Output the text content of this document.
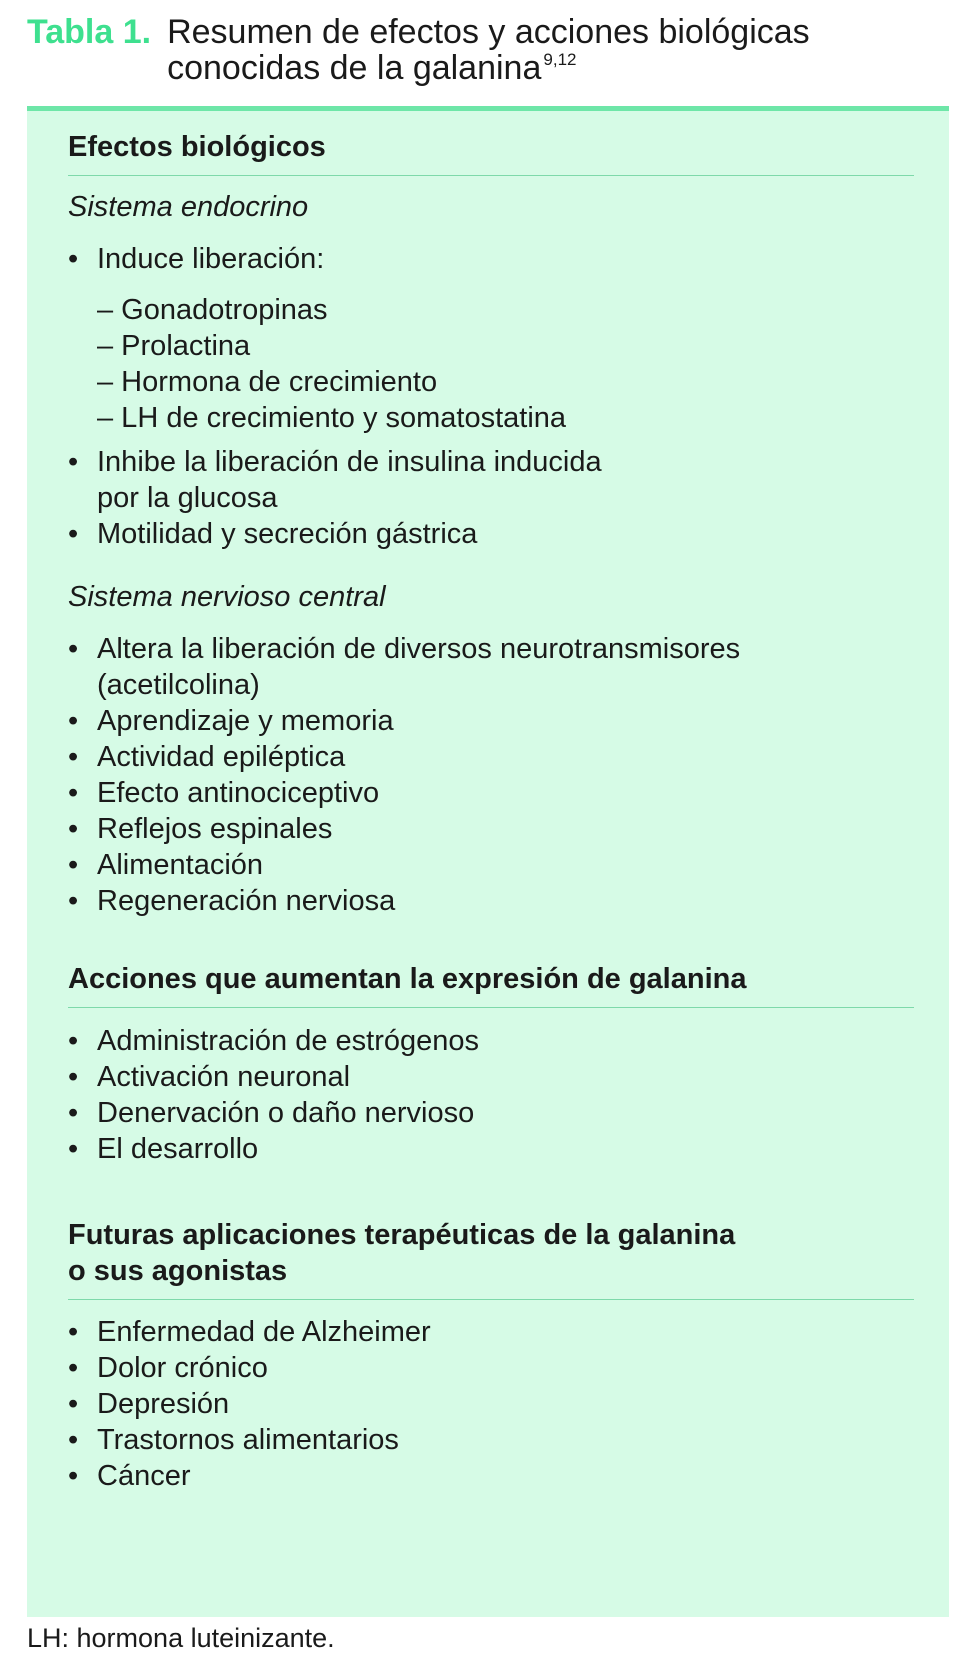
Tabla 1. Resumen de efectos y acciones biológicas
conocidas de la galanina $^{9,12}$
Efectos biológicos

Sistema endocrino

• Induce liberación:
– Gonadotropinas
– Prolactina
– Hormona de crecimiento
– LH de crecimiento y somatostatina
• Inhibe la liberación de insulina inducida
por la glucosa
• Motilidad y secreción gástrica

Sistema nervioso central

• Altera la liberación de diversos neurotransmisores
(acetilcolina)
• Aprendizaje y memoria
• Actividad epiléptica
• Efecto antinociceptivo
• Reflejos espinales
• Alimentación
• Regeneración nerviosa
Acciones que aumentan la expresión de galanina
• Administración de estrógenos
• Activación neuronal
• Denervación o daño nervioso
• El desarrollo
Futuras aplicaciones terapéuticas de la galanina
o sus agonistas
• Enfermedad de Alzheimer
• Dolor crónico
• Depresión
• Trastornos alimentarios
• Cáncer
LH: hormona luteinizante.
